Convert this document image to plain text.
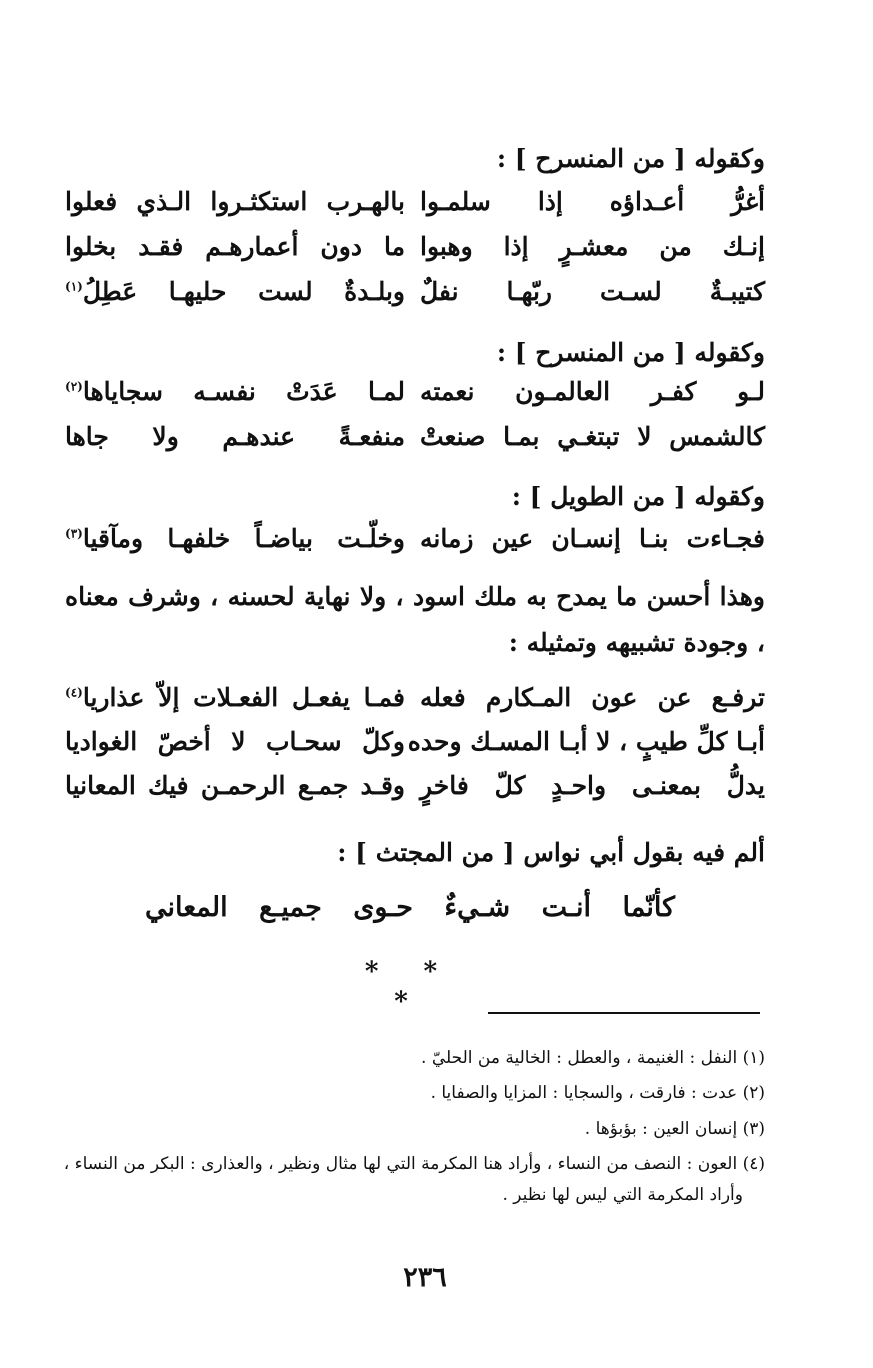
وكقوله [ من المنسرح ] :
أغرُّ أعـداؤه إذا سلمـوا
بالهـرب استكثـروا الـذي فعلوا
إنـك من معشـرٍ إذا وهبوا
ما دون أعمارهـم فقـد بخلوا
كتيبـةٌ لسـت ربّهـا نفلٌ
وبلـدةٌ لست حليهـا عَطِلُ$^{(١)}$
وكقوله [ من المنسرح ] :
لـو كفـر العالمـون نعمته
لمـا عَدَتْ نفسـه سجاياها$^{(٢)}$
كالشمس لا تبتغـي بمـا صنعتْ
منفعـةً عندهـم ولا جاها
وكقوله [ من الطويل ] :
فجـاءت بنـا إنسـان عين زمانه
وخلّـت بياضـاً خلفهـا ومآقيا$^{(٣)}$
وهذا أحسن ما يمدح به ملك اسود ، ولا نهاية لحسنه ، وشرف معناه ، وجودة تشبيهه وتمثيله :
ترفـع عن عون المـكارم فعله
فمـا يفعـل الفعـلات إلاّ عذاريا$^{(٤)}$
أبـا كلِّ طيبٍ ، لا أبـا المسـك وحده
وكلّ سحـاب لا أخصّ الغواديا
يدلُّ بمعنـى واحـدٍ كلّ فاخرٍ
وقـد جمـع الرحمـن فيك المعانيا
ألم فيه بقول أبي نواس [ من المجتث ] :
كأنّما أنـت شـيءٌ حـوى جميـع المعاني
* * *
(١) النفل : الغنيمة ، والعطل : الخالية من الحليّ .
(٢) عدت : فارقت ، والسجايا : المزايا والصفايا .
(٣) إنسان العين : بؤبؤها .
(٤) العون : النصف من النساء ، وأراد هنا المكرمة التي لها مثال ونظير ، والعذارى : البكر من النساء ،
وأراد المكرمة التي ليس لها نظير .
٢٣٦
